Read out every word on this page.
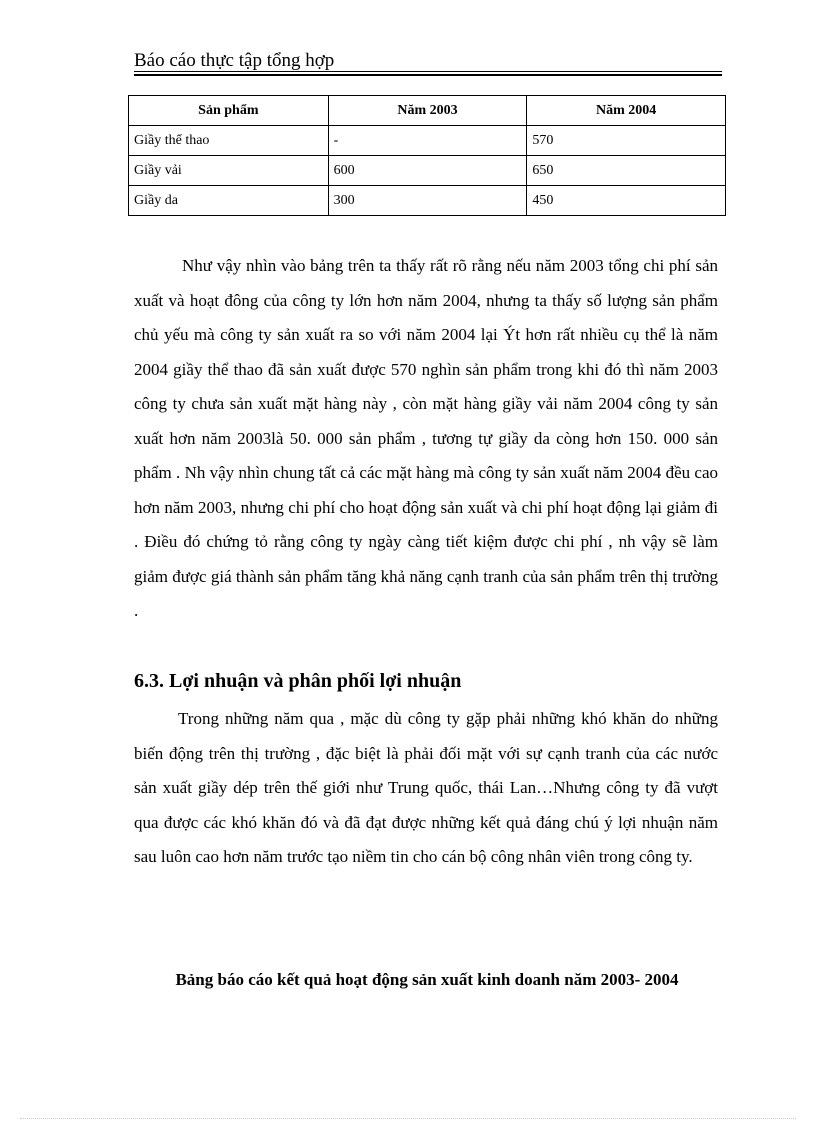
Báo cáo thực tập tổng hợp
Sản phẩm	Năm 2003	Năm 2004
Giầy thể thao	-	570
Giầy vải	600	650
Giầy da	300	450

Như vậy nhìn vào bảng trên ta thấy rất rõ rằng nếu năm 2003 tổng chi phí sản xuất và hoạt đông của công ty lớn hơn năm 2004, nhưng ta thấy số lượng sản phẩm chủ yếu mà công ty sản xuất ra so với năm 2004 lại Ýt hơn rất nhiều cụ thể là năm 2004 giầy thể thao đã sản xuất được 570 nghìn sản phẩm trong khi đó thì năm 2003 công ty chưa sản xuất mặt hàng này , còn mặt hàng giầy vải năm 2004 công ty sản xuất hơn năm 2003là 50. 000 sản phẩm , tương tự giầy da còng hơn 150. 000 sản phẩm . Nh vậy nhìn chung tất cả các mặt hàng mà công ty sản xuất năm 2004 đều cao hơn năm 2003, nhưng chi phí cho hoạt động sản xuất và chi phí hoạt động lại giảm đi . Điều đó chứng tỏ rằng công ty ngày càng tiết kiệm được chi phí , nh vậy sẽ làm giảm được giá thành sản phẩm tăng khả năng cạnh tranh của sản phẩm trên thị trường .

6.3. Lợi nhuận và phân phối lợi nhuận

Trong những năm qua , mặc dù công ty gặp phải những khó khăn do những biến động trên thị trường , đặc biệt là phải đối mặt với sự cạnh tranh của các nước sản xuất giầy dép trên thế giới như Trung quốc, thái Lan…Nhưng công ty đã vượt qua được các khó khăn đó và đã đạt được những kết quả đáng chú ý lợi nhuận năm sau luôn cao hơn năm trước tạo niềm tin cho cán bộ công nhân viên trong công ty.

Bảng báo cáo kết quả hoạt động sản xuất kinh doanh năm 2003- 2004
